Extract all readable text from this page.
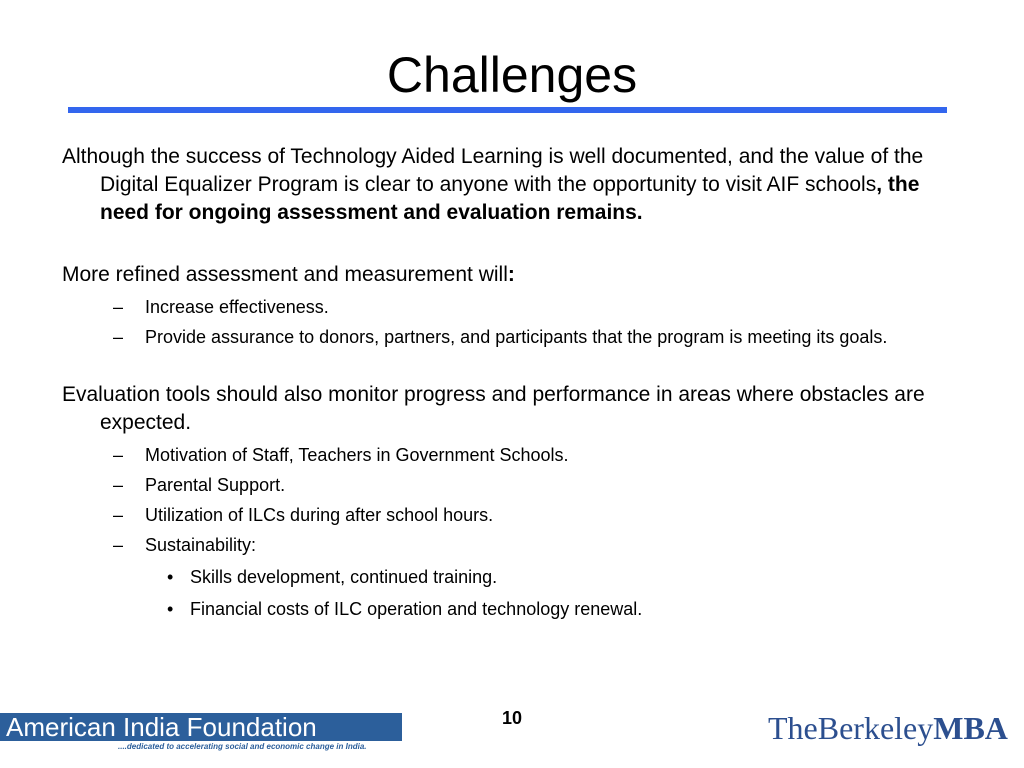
Challenges
Although the success of Technology Aided Learning is well documented, and the value of the Digital Equalizer Program is clear to anyone with the opportunity to visit AIF schools, the need for ongoing assessment and evaluation remains.
More refined assessment and measurement will:
– Increase effectiveness.
– Provide assurance to donors, partners, and participants that the program is meeting its goals.
Evaluation tools should also monitor progress and performance in areas where obstacles are expected.
– Motivation of Staff, Teachers in Government Schools.
– Parental Support.
– Utilization of ILCs during after school hours.
– Sustainability:
• Skills development, continued training.
• Financial costs of ILC operation and technology renewal.
American India Foundation
....dedicated to accelerating social and economic change in India.
10	TheBerkeleyMBA
